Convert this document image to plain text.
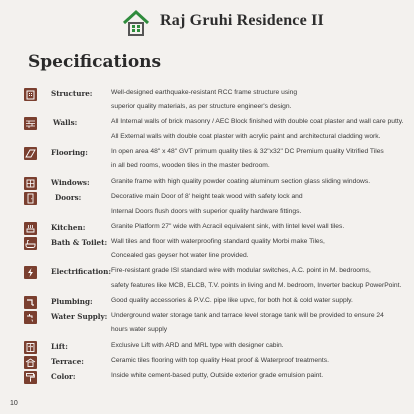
Raj Gruhi Residence II
Specifications
Structure:	Well-designed earthquake-resistant RCC frame structure using
superior quality materials, as per structure engineer's design.
Walls:	All Internal walls of brick masonry / AEC Block finished with double coat plaster and wall care putty.
All External walls with double coat plaster with acrylic paint and architectural cladding work.
Flooring:	In open area 48" x 48" GVT primum quality tiles & 32"x32" DC Premium quality Vitrified Tiles
in all bed rooms, wooden tiles in the master bedroom.
Windows:	Granite frame with high quality powder coating aluminum section glass sliding windows.
Doors:	Decorative main Door of 8' height teak wood with safety lock and
Internal Doors flush doors with superior quality hardware fittings.
Kitchen:	Granite Platform 27" wide with Acracil equivalent sink, with lintel level wall tiles.
Bath & Toilet: Wall tiles and floor with waterproofing standard quality Morbi make Tiles,
Concealed gas geyser hot water line provided.
Electrification: Fire-resistant grade ISI standard wire with modular switches, A.C. point in M. bedrooms,
safety features like MCB, ELCB, T.V. points in living and M. bedroom, Inverter backup PowerPoint.
Plumbing:	Good quality accessories & P.V.C. pipe like upvc, for both hot & cold water supply.
Water Supply: Underground water storage tank and tarrace level storage tank will be provided to ensure 24
hours water supply
Lift:	Exclusive Lift with ARD and MRL type with designer cabin.
Terrace:	Ceramic tiles flooring with top quality Heat proof & Waterproof treatments.
Color:	Inside white cement-based putty, Outside exterior grade emulsion paint.
10
